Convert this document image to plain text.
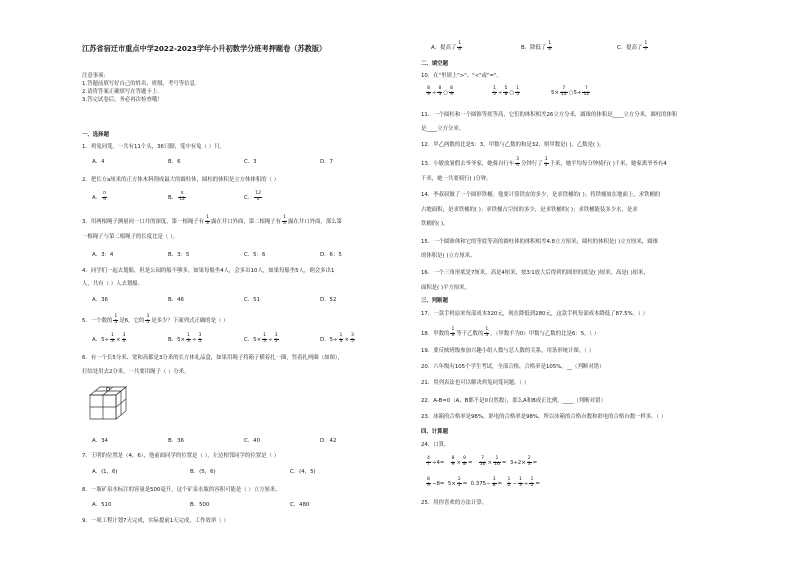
江苏省宿迁市重点中学2022-2023学年小升初数学分班考押题卷（苏教版）
注意事项:
1.答题前填写好自己的姓名、班级、考号等信息.
2.请将答案正确填写在答题卡上.
3.答完试卷后，务必再次检查哦！
一、选择题
1．鸡兔同笼，一共有11个头，36只脚，笼中有兔（ ）只。
A．4	B．6	C．3	D．7
2．把长方a厘米的正方体木料削成最大的圆柱体，圆柱的体积是立方体体积的（ ）
A． $\frac{\pi}{4}$	B． $\frac{\pi}{12}$	C． $\frac{12}{\pi}$
3．用两根绳子测量同一口井的深度，第一根绳子有 $\frac{1}{3}$ 露在井口外面，第二根绳子有 $\frac{1}{4}$ 露在井口外面，那么第
一根绳子与第二根绳子的长度比是（ ）。
A．3：4	B．3：5	C．5：6	D．6：5
4．同学们一起去划船，但是公园的船不够多，如果每船坐4人，会多出10人，如果每船坐5人，则会多出1
人，共有（ ）人去划船。
A．36	B．46	C．51	D．52
5．一个数的 $\frac{1}{3}$ 是6，它的 $\frac{3}{5}$ 是多少？下面列式正确的是（ ）
A．$5\div \frac{1}{3} \times \frac{3}{5}$	B．$5\times \frac{1}{3} \div \frac{3}{5}$	C．$5\times \frac{1}{3} \div \frac{3}{5}$	D．$5\div \frac{1}{3} \times \frac{3}{5}$
6．有一个长5分米、宽和高都是3分米的长方体礼品盒，如果用绳子将箱子横着扎一圈，竖着扎两圈（如图），
打结处用去2分米，一共要用绳子（ ）分米。
A．34	B．36	C．40	D．42
7．王明的位置是（4，6），他前面同学的位置是（ ），左边相邻同学的位置是（ ）
A．(1，6)	B．(5，6)	C．(4，5)
8．一瓶矿泉水标注的容量是500毫升，这个矿泉水瓶的容积可能是（ ）立方厘米。
A．510	B．500	C．480
9．一项工程计划7天完成，实际提前1天完成，工作效率（ ）
A．提高了 $\frac{1}{6}$	B．降低了 $\frac{1}{6}$	C．提高了 $\frac{1}{7}$
二、填空题
10．在"里填上">"、"<"或"="。
$\frac{8}{9} \div \frac{8}{3}$ ○ $\frac{8}{9}$	$\frac{1}{5} \div \frac{5}{8}$ ○ $\frac{1}{5}$	$5\times \frac{7}{12}$ ○5+ $\frac{7}{12}$
11．一个圆柱和一个圆锥等底等高，它们的体积相差26立方分米，圆锥的体积是____立方分米，圆柱的体积
是____立方分米。
12．甲乙两数的比是5：3，甲数与乙数的和是32，则甲数是( )，乙数是( )。
13．小敏放暑假去爷爷家，她骑自行车 $\frac{3}{4}$ 分钟行了 $\frac{3}{5}$ 千米，她平均每分钟骑行( )千米，她家离爷爷有4
千米，她一共要骑行( )分钟。
14．李叔叔做了一个圆形铁桶。他要计算铁皮的多少，是求铁桶的( )；将铁桶放在地面上，求铁桶的
占地面积，是求铁桶的( )；求铁桶占空间的多少，是求铁桶的( )；求铁桶能装多少水，是求
铁桶的( )。
15．一个圆锥体和它的等底等高的圆柱体的体积相差4.8立方厘米，圆柱的体积是( )立方厘米，圆锥
的体积是( )立方厘米。
16．一个三角形底是7厘米，高是4厘米，按3∶1放大后得到的图形的底是( )厘米，高是( )厘米，
面积是( )平方厘米。
三、判断题
17．一款手机原来每部成本320元，现在降低到280元，这款手机每部成本降低了87.5%。（ ）
18．甲数的 $\frac{1}{6}$ 等于乙数的 $\frac{1}{5}$ ，（甲数不为0）甲数与乙数的比是6：5。（ ）
19．要反映班级参加兴趣小组人数与总人数的关系，用条形统计图。（ ）
20．六年级有105个学生考试，全部合格，合格率是105%。__（判断对错）
21．用列表法也可以解决鸡兔同笼问题。（ ）
22．A-B=0（A、B都不是0自然数），那么A和B成正比例。____（判断对错）
23．冰箱的合格率是98%，彩电的合格率是98%，所以冰箱的合格台数和彩电的合格台数一样多。（ ）
四、计算题
24．口算。
$\frac{4}{7} \div 4= \frac{8}{9} \times \frac{9}{8} = \frac{7}{16} \times \frac{1}{16} = 3\div 2\times \frac{2}{3}$ =
$\frac{8}{9} -8= 5\times \frac{2}{5} = 0.375- \frac{3}{8} = \frac{1}{2} - \frac{1}{3} \div \frac{1}{2}$ =
25．用你喜欢的方法计算。
